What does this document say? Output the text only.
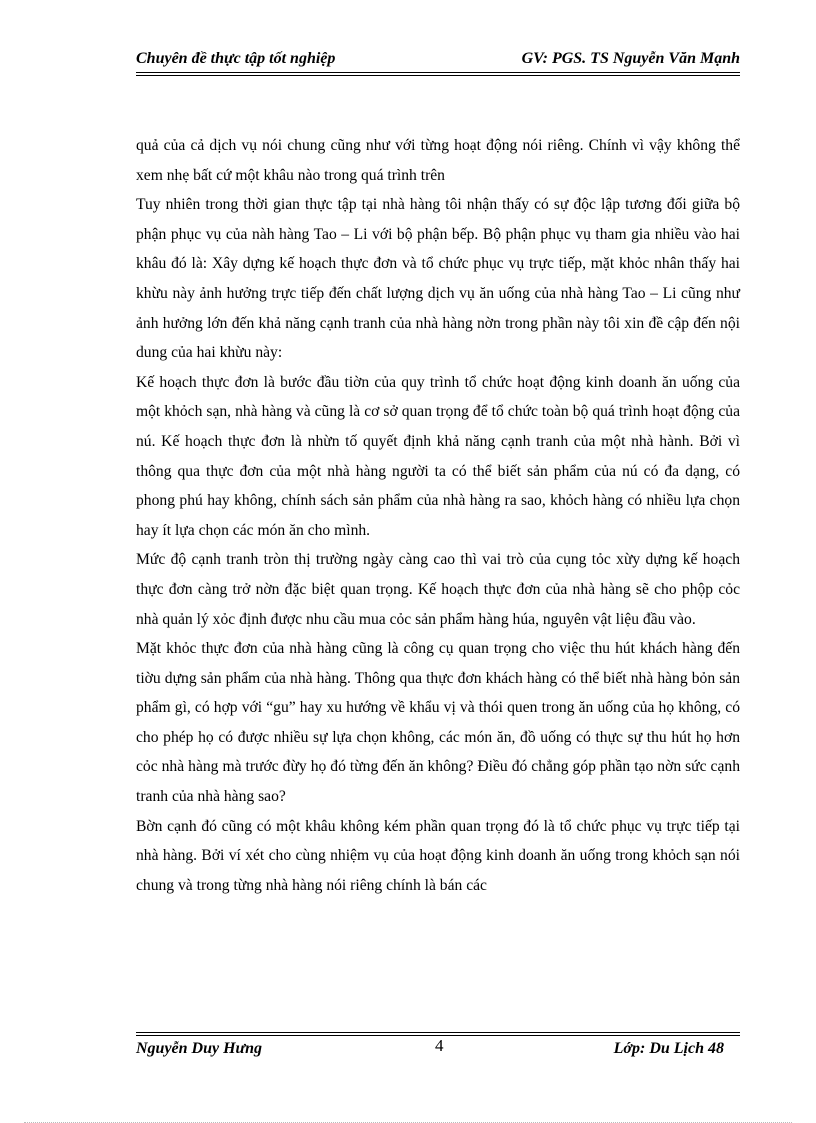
Chuyên đề thực tập tốt nghiệp	GV: PGS. TS Nguyễn Văn Mạnh

quả của cả dịch vụ nói chung cũng như với từng hoạt động nói riêng. Chính vì vậy không thể xem nhẹ bất cứ một khâu nào trong quá trình trên

Tuy nhiên trong thời gian thực tập tại nhà hàng tôi nhận thấy có sự độc lập tương đối giữa bộ phận phục vụ của nàh hàng Tao – Li với bộ phận bếp. Bộ phận phục vụ tham gia nhiều vào hai khâu đó là: Xây dựng kế hoạch thực đơn và tổ chức phục vụ trực tiếp, mặt khỏc nhân thấy hai khừu này ảnh hưởng trực tiếp đến chất lượng dịch vụ ăn uống của nhà hàng Tao – Li cũng như ảnh hưởng lớn đến khả năng cạnh tranh của nhà hàng nờn trong phần này tôi xin đề cập đến nội dung của hai khừu này:

Kế hoạch thực đơn là bước đầu tiờn của quy trình tổ chức hoạt động kinh doanh ăn uống của một khỏch sạn, nhà hàng và cũng là cơ sở quan trọng để tổ chức toàn bộ quá trình hoạt động của nú. Kế hoạch thực đơn là nhừn tố quyết định khả năng cạnh tranh của một nhà hành. Bởi vì thông qua thực đơn của một nhà hàng người ta có thể biết sản phẩm của nú có đa dạng, có phong phú hay không, chính sách sản phẩm của nhà hàng ra sao, khỏch hàng có nhiều lựa chọn hay ít lựa chọn các món ăn cho mình.

Mức độ cạnh tranh tròn thị trường ngày càng cao thì vai trò của cụng tỏc xừy dựng kế hoạch thực đơn càng trở nờn đặc biệt quan trọng. Kế hoạch thực đơn của nhà hàng sẽ cho phộp cỏc nhà quản lý xỏc định được nhu cầu mua cỏc sản phẩm hàng húa, nguyên vật liệu đầu vào.

Mặt khỏc thực đơn của nhà hàng cũng là công cụ quan trọng cho việc thu hút khách hàng đến tiờu dựng sản phẩm của nhà hàng. Thông qua thực đơn khách hàng có thể biết nhà hàng bỏn sản phẩm gì, có hợp với “gu” hay xu hướng về khẩu vị và thói quen trong ăn uống của họ không, có cho phép họ có được nhiều sự lựa chọn không, các món ăn, đồ uống có thực sự thu hút họ hơn cỏc nhà hàng mà trước đừy họ đó từng đến ăn không? Điều đó chẳng góp phần tạo nờn sức cạnh tranh của nhà hàng sao?

Bờn cạnh đó cũng có một khâu không kém phần quan trọng đó là tổ chức phục vụ trực tiếp tại nhà hàng. Bởi ví xét cho cùng nhiệm vụ của hoạt động kinh doanh ăn uống trong khỏch sạn nói chung và trong từng nhà hàng nói riêng chính là bán các

Nguyễn Duy Hưng	4	Lớp: Du Lịch 48
